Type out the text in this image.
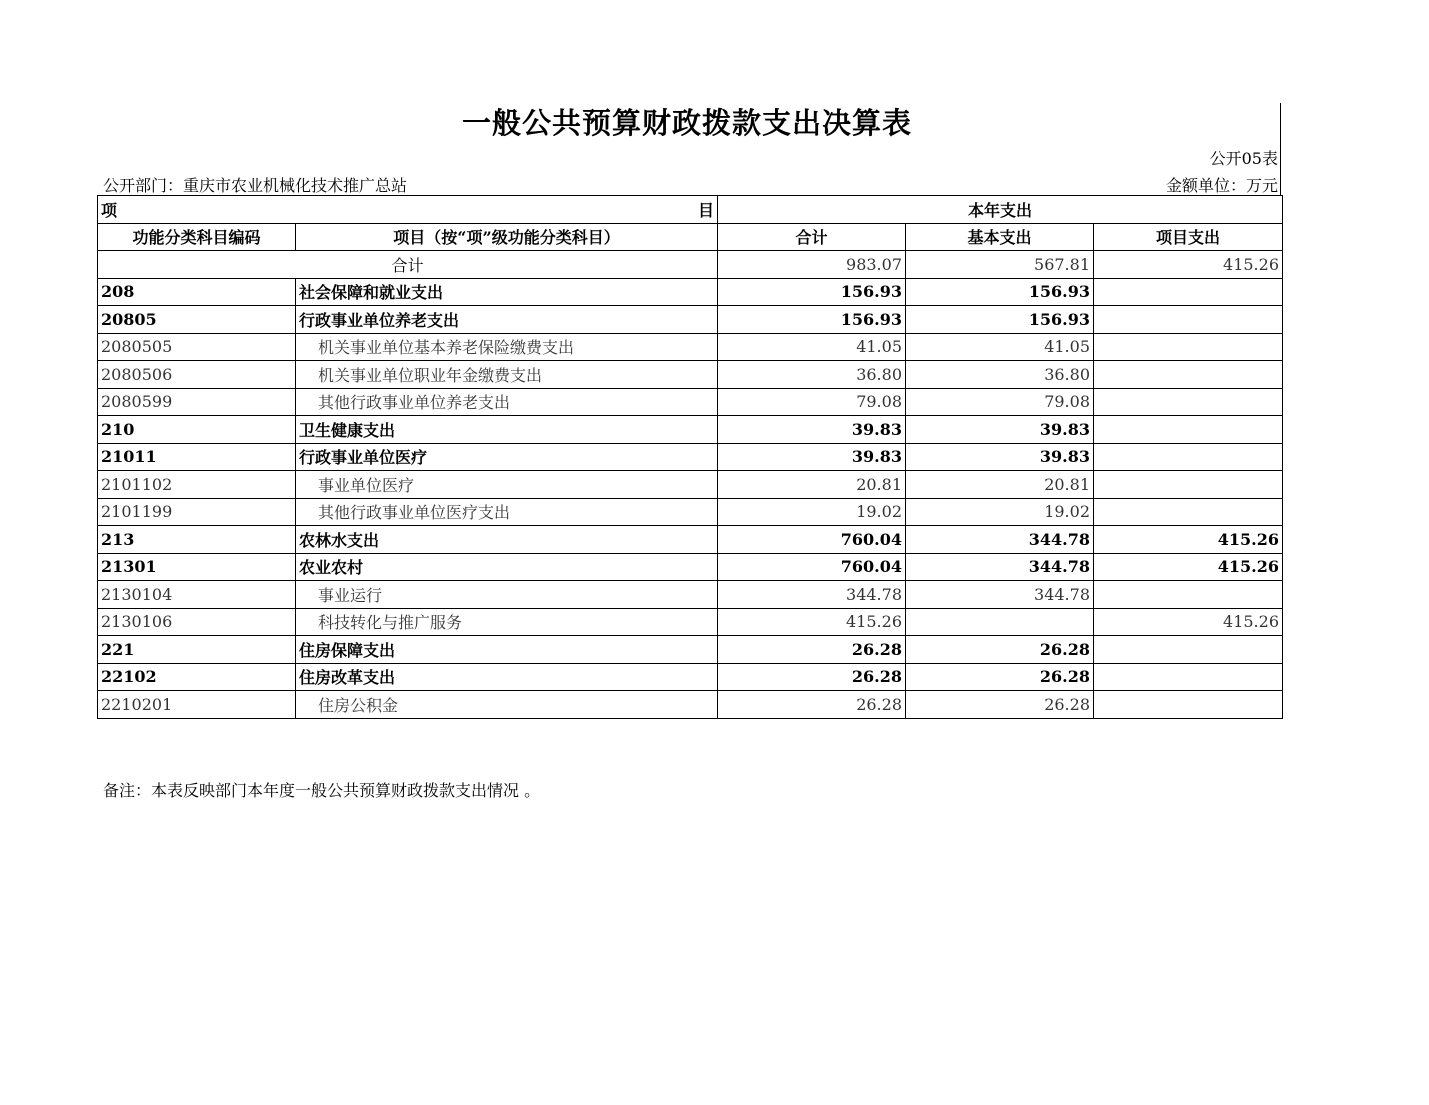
一般公共预算财政拨款支出决算表
公开05表
公开部门：重庆市农业机械化技术推广总站	金额单位：万元
项 目		本年支出		
功能分类科目编码	项目（按“项”级功能分类科目）	合计	基本支出	项目支出
合计		983.07	567.81	415.26
208	社会保障和就业支出	156.93	156.93	
20805	行政事业单位养老支出	156.93	156.93	
2080505	机关事业单位基本养老保险缴费支出	41.05	41.05	
2080506	机关事业单位职业年金缴费支出	36.80	36.80	
2080599	其他行政事业单位养老支出	79.08	79.08	
210	卫生健康支出	39.83	39.83	
21011	行政事业单位医疗	39.83	39.83	
2101102	事业单位医疗	20.81	20.81	
2101199	其他行政事业单位医疗支出	19.02	19.02	
213	农林水支出	760.04	344.78	415.26
21301	农业农村	760.04	344.78	415.26
2130104	事业运行	344.78	344.78	
2130106	科技转化与推广服务	415.26		415.26
221	住房保障支出	26.28	26.28	
22102	住房改革支出	26.28	26.28	
2210201	住房公积金	26.28	26.28	
备注：本表反映部门本年度一般公共预算财政拨款支出情况 。
